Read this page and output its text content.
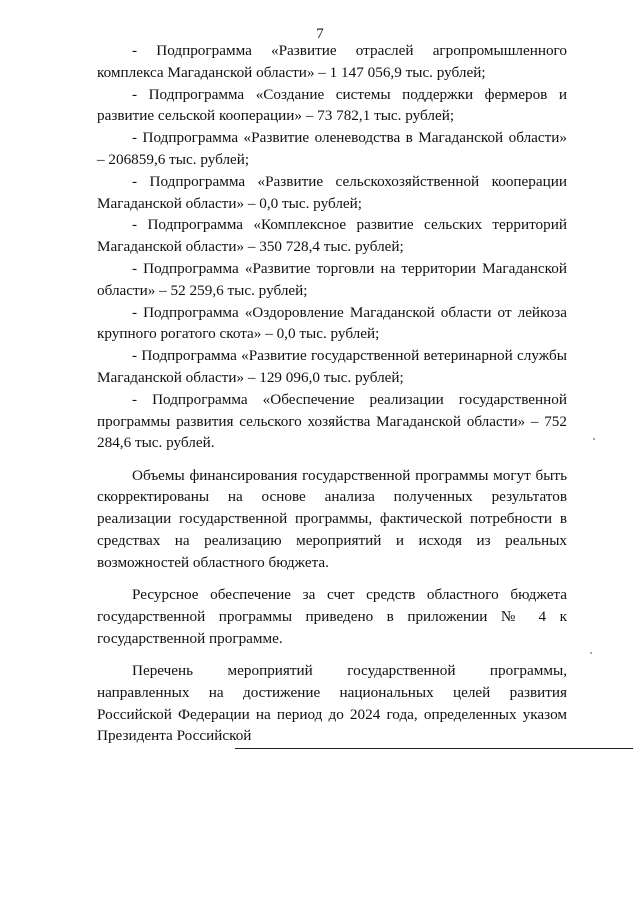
7

- Подпрограмма «Развитие отраслей агропромышленного комплекса Магаданской области» – 1 147 056,9 тыс. рублей;

- Подпрограмма «Создание системы поддержки фермеров и развитие сельской кооперации» – 73 782,1 тыс. рублей;

- Подпрограмма «Развитие оленеводства в Магаданской области» – 206859,6 тыс. рублей;

- Подпрограмма «Развитие сельскохозяйственной кооперации Магаданской области» – 0,0 тыс. рублей;

- Подпрограмма «Комплексное развитие сельских территорий Магаданской области» – 350 728,4 тыс. рублей;

- Подпрограмма «Развитие торговли на территории Магаданской области» – 52 259,6 тыс. рублей;

- Подпрограмма «Оздоровление Магаданской области от лейкоза крупного рогатого скота» – 0,0 тыс. рублей;

- Подпрограмма «Развитие государственной ветеринарной службы Магаданской области» – 129 096,0 тыс. рублей;

- Подпрограмма «Обеспечение реализации государственной программы развития сельского хозяйства Магаданской области» – 752 284,6 тыс. рублей.

Объемы финансирования государственной программы могут быть скорректированы на основе анализа полученных результатов реализации государственной программы, фактической потребности в средствах на реализацию мероприятий и исходя из реальных возможностей областного бюджета.

Ресурсное обеспечение за счет средств областного бюджета государственной программы приведено в приложении № 4 к государственной программе.

Перечень мероприятий государственной программы, направленных на достижение национальных целей развития Российской Федерации на период до 2024 года, определенных указом Президента Российской
